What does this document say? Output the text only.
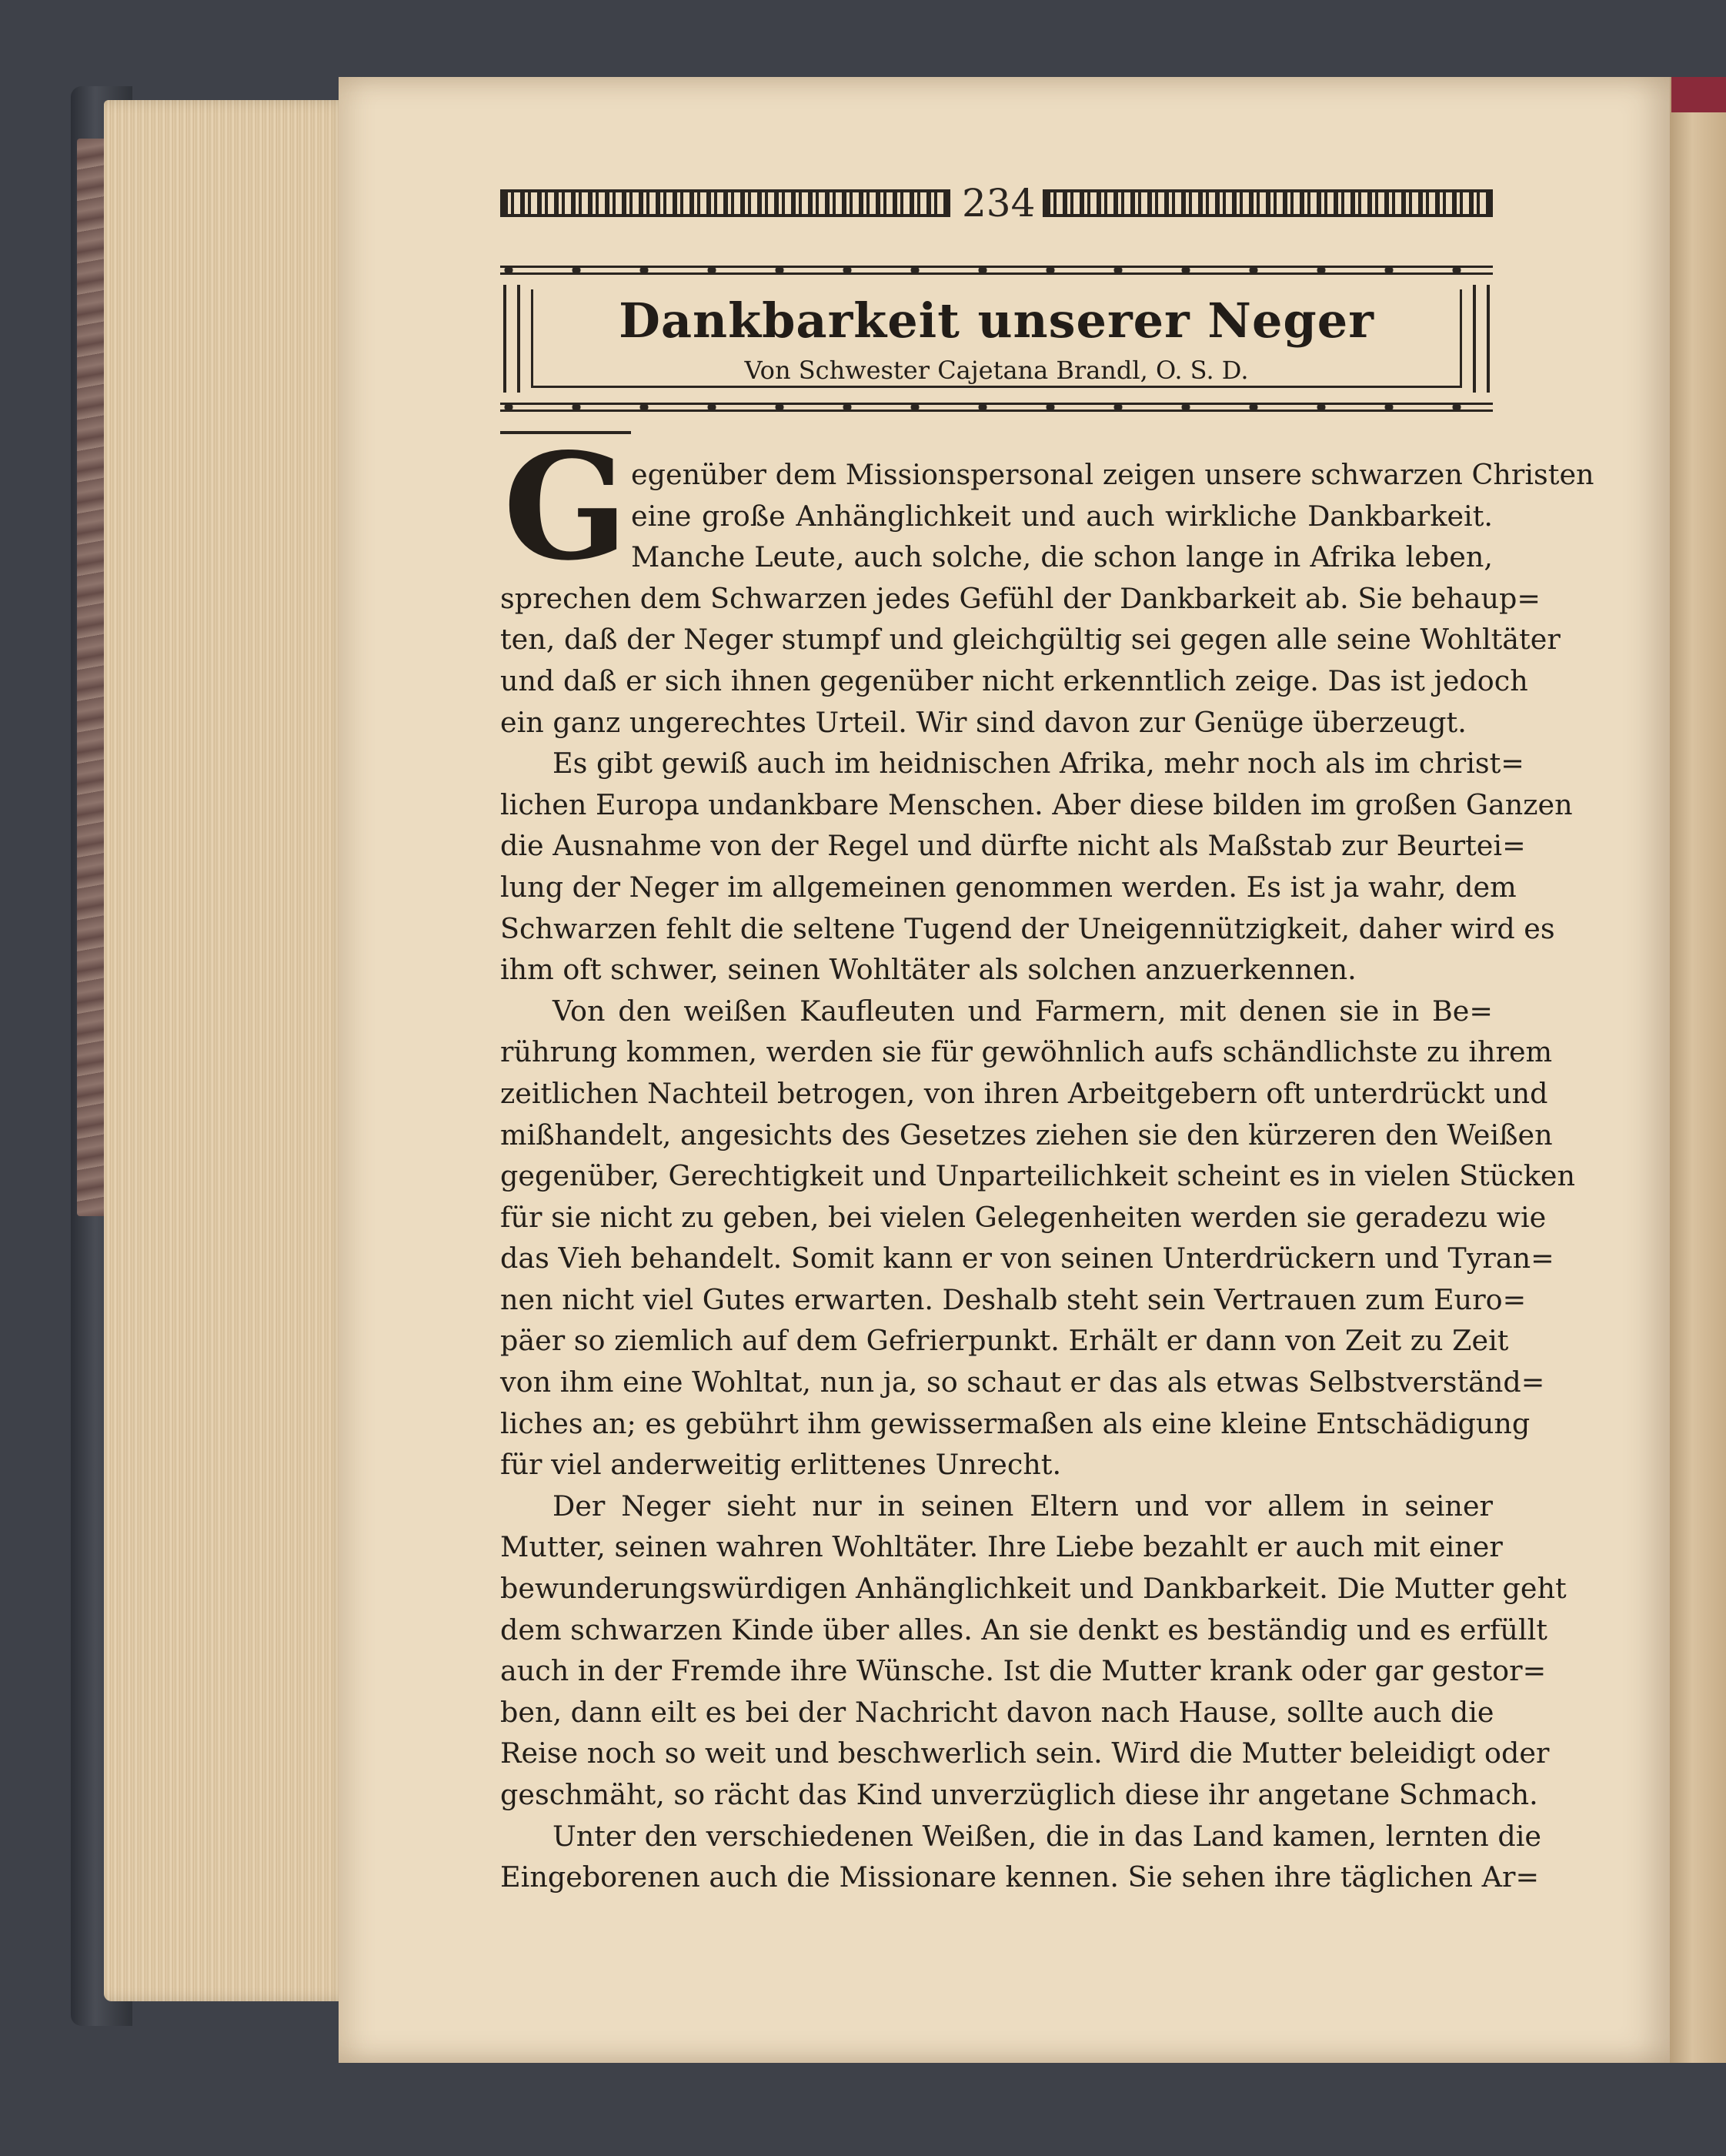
234
Dankbarkeit unserer Neger
Von Schwester Cajetana Brandl, O. S. D.
G egenüber dem Missionspersonal zeigen unsere schwarzen Christen
eine große Anhänglichkeit und auch wirkliche Dankbarkeit.
Manche Leute, auch solche, die schon lange in Afrika leben,
sprechen dem Schwarzen jedes Gefühl der Dankbarkeit ab. Sie behaup=
ten, daß der Neger stumpf und gleichgültig sei gegen alle seine Wohltäter
und daß er sich ihnen gegenüber nicht erkenntlich zeige. Das ist jedoch
ein ganz ungerechtes Urteil. Wir sind davon zur Genüge überzeugt.
Es gibt gewiß auch im heidnischen Afrika, mehr noch als im christ=
lichen Europa undankbare Menschen. Aber diese bilden im großen Ganzen
die Ausnahme von der Regel und dürfte nicht als Maßstab zur Beurtei=
lung der Neger im allgemeinen genommen werden. Es ist ja wahr, dem
Schwarzen fehlt die seltene Tugend der Uneigennützigkeit, daher wird es
ihm oft schwer, seinen Wohltäter als solchen anzuerkennen.
Von den weißen Kaufleuten und Farmern, mit denen sie in Be=
rührung kommen, werden sie für gewöhnlich aufs schändlichste zu ihrem
zeitlichen Nachteil betrogen, von ihren Arbeitgebern oft unterdrückt und
mißhandelt, angesichts des Gesetzes ziehen sie den kürzeren den Weißen
gegenüber, Gerechtigkeit und Unparteilichkeit scheint es in vielen Stücken
für sie nicht zu geben, bei vielen Gelegenheiten werden sie geradezu wie
das Vieh behandelt. Somit kann er von seinen Unterdrückern und Tyran=
nen nicht viel Gutes erwarten. Deshalb steht sein Vertrauen zum Euro=
päer so ziemlich auf dem Gefrierpunkt. Erhält er dann von Zeit zu Zeit
von ihm eine Wohltat, nun ja, so schaut er das als etwas Selbstverständ=
liches an; es gebührt ihm gewissermaßen als eine kleine Entschädigung
für viel anderweitig erlittenes Unrecht.
Der Neger sieht nur in seinen Eltern und vor allem in seiner
Mutter, seinen wahren Wohltäter. Ihre Liebe bezahlt er auch mit einer
bewunderungswürdigen Anhänglichkeit und Dankbarkeit. Die Mutter geht
dem schwarzen Kinde über alles. An sie denkt es beständig und es erfüllt
auch in der Fremde ihre Wünsche. Ist die Mutter krank oder gar gestor=
ben, dann eilt es bei der Nachricht davon nach Hause, sollte auch die
Reise noch so weit und beschwerlich sein. Wird die Mutter beleidigt oder
geschmäht, so rächt das Kind unverzüglich diese ihr angetane Schmach.
Unter den verschiedenen Weißen, die in das Land kamen, lernten die
Eingeborenen auch die Missionare kennen. Sie sehen ihre täglichen Ar=
